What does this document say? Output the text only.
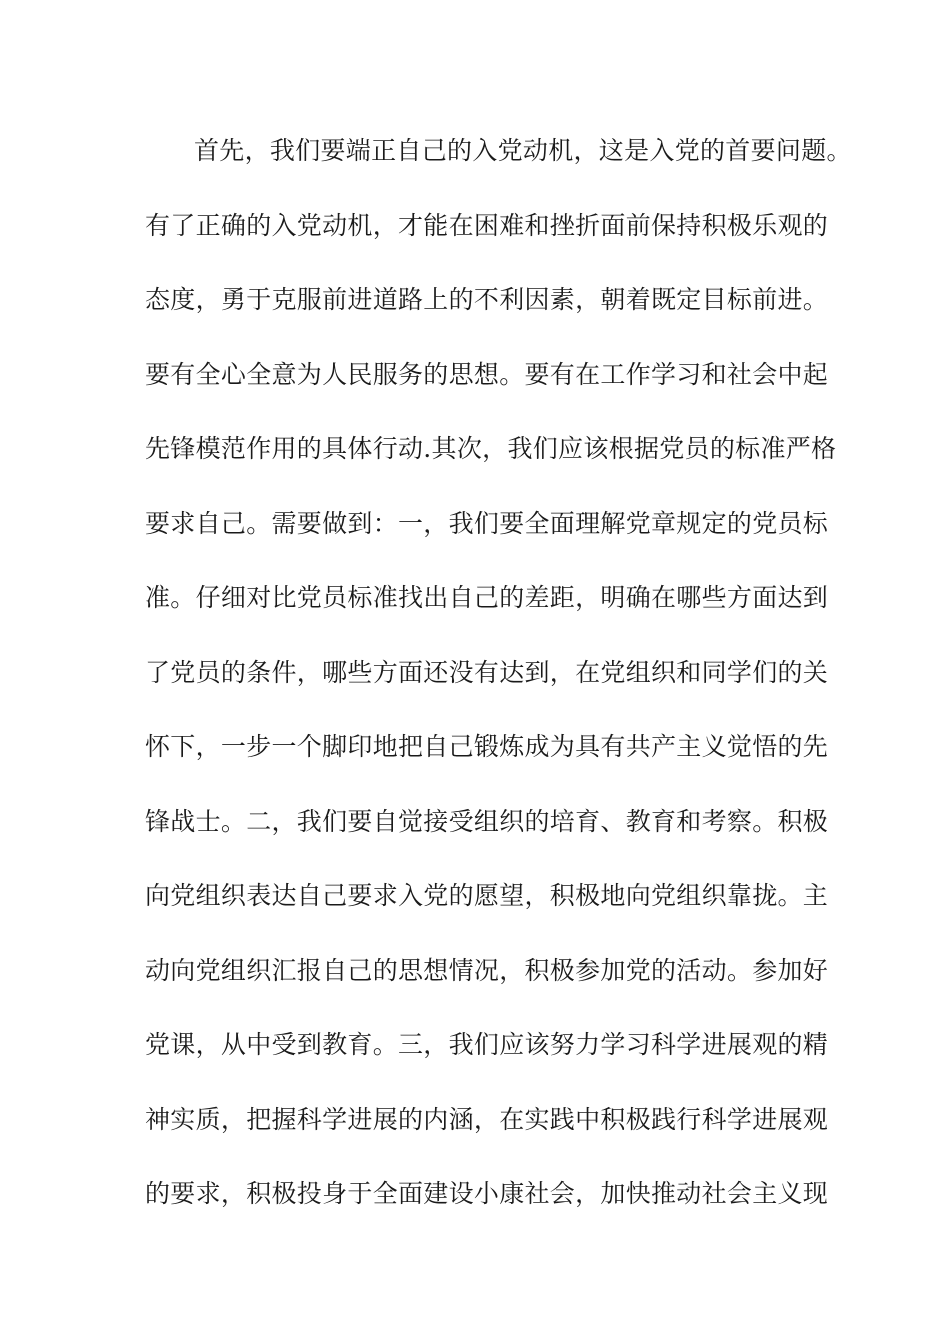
首先，我们要端正自己的入党动机，这是入党的首要问题。
有了正确的入党动机，才能在困难和挫折面前保持积极乐观的
态度，勇于克服前进道路上的不利因素，朝着既定目标前进。
要有全心全意为人民服务的思想。要有在工作学习和社会中起
先锋模范作用的具体行动.其次，我们应该根据党员的标准严格
要求自己。需要做到：一，我们要全面理解党章规定的党员标
准。仔细对比党员标准找出自己的差距，明确在哪些方面达到
了党员的条件，哪些方面还没有达到，在党组织和同学们的关
怀下，一步一个脚印地把自己锻炼成为具有共产主义觉悟的先
锋战士。二，我们要自觉接受组织的培育、教育和考察。积极
向党组织表达自己要求入党的愿望，积极地向党组织靠拢。主
动向党组织汇报自己的思想情况，积极参加党的活动。参加好
党课，从中受到教育。三，我们应该努力学习科学进展观的精
神实质，把握科学进展的内涵，在实践中积极践行科学进展观
的要求，积极投身于全面建设小康社会，加快推动社会主义现
